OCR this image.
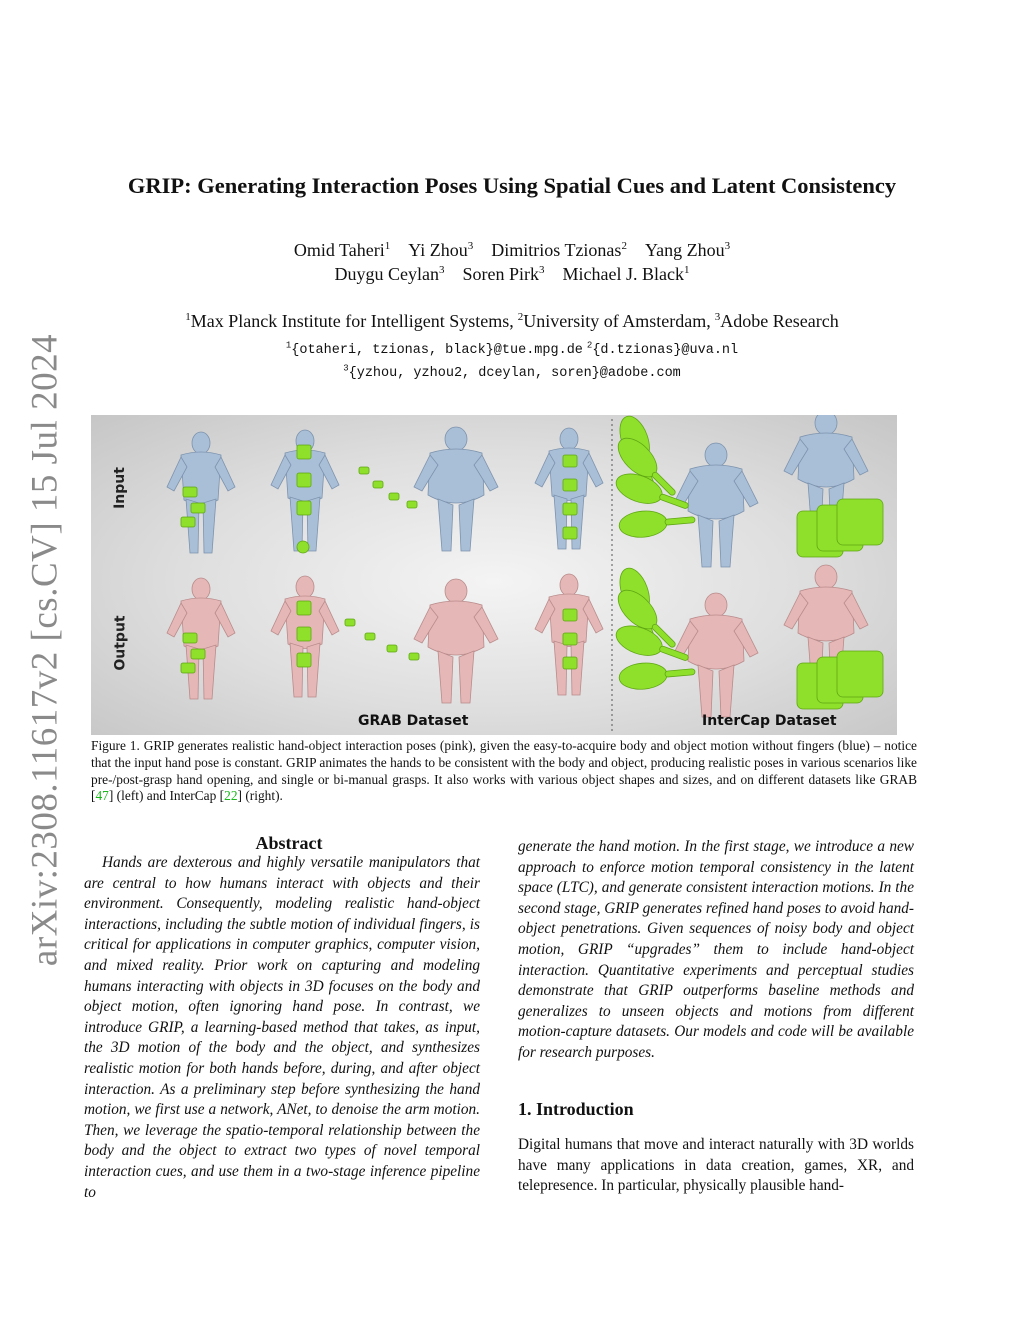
arXiv:2308.11617v2 [cs.CV] 15 Jul 2024
GRIP: Generating Interaction Poses Using Spatial Cues and Latent Consistency
Omid Taheri$^1$ Yi Zhou$^3$ Dimitrios Tzionas$^2$ Yang Zhou$^3$
Duygu Ceylan$^3$ Soren Pirk$^3$ Michael J. Black$^1$
$^1$Max Planck Institute for Intelligent Systems, $^2$University of Amsterdam, $^3$Adobe Research
$^1${otaheri, tzionas, black}@tue.mpg.de $^2${d.tzionas}@uva.nl
$^3${yzhou, yzhou2, dceylan, soren}@adobe.com
Input
Output
GRAB Dataset	InterCap Dataset
Figure 1. GRIP generates realistic hand-object interaction poses (pink), given the easy-to-acquire body and object motion without fingers (blue) – notice that the input hand pose is constant. GRIP animates the hands to be consistent with the body and object, producing realistic poses in various scenarios like pre-/post-grasp hand opening, and single or bi-manual grasps. It also works with various object shapes and sizes, and on different datasets like GRAB [47] (left) and InterCap [22] (right).
Abstract
Hands are dexterous and highly versatile manipulators that are central to how humans interact with objects and their environment. Consequently, modeling realistic hand-object interactions, including the subtle motion of individual fingers, is critical for applications in computer graphics, computer vision, and mixed reality. Prior work on capturing and modeling humans interacting with objects in 3D focuses on the body and object motion, often ignoring hand pose. In contrast, we introduce GRIP, a learning-based method that takes, as input, the 3D motion of the body and the object, and synthesizes realistic motion for both hands before, during, and after object interaction. As a preliminary step before synthesizing the hand motion, we first use a network, ANet, to denoise the arm motion. Then, we leverage the spatio-temporal relationship between the body and the object to extract two types of novel temporal interaction cues, and use them in a two-stage inference pipeline to
generate the hand motion. In the first stage, we introduce a new approach to enforce motion temporal consistency in the latent space (LTC), and generate consistent interaction motions. In the second stage, GRIP generates refined hand poses to avoid hand-object penetrations. Given sequences of noisy body and object motion, GRIP “upgrades” them to include hand-object interaction. Quantitative experiments and perceptual studies demonstrate that GRIP outperforms baseline methods and generalizes to unseen objects and motions from different motion-capture datasets. Our models and code will be available for research purposes.
1. Introduction
Digital humans that move and interact naturally with 3D worlds have many applications in data creation, games, XR, and telepresence. In particular, physically plausible hand-
